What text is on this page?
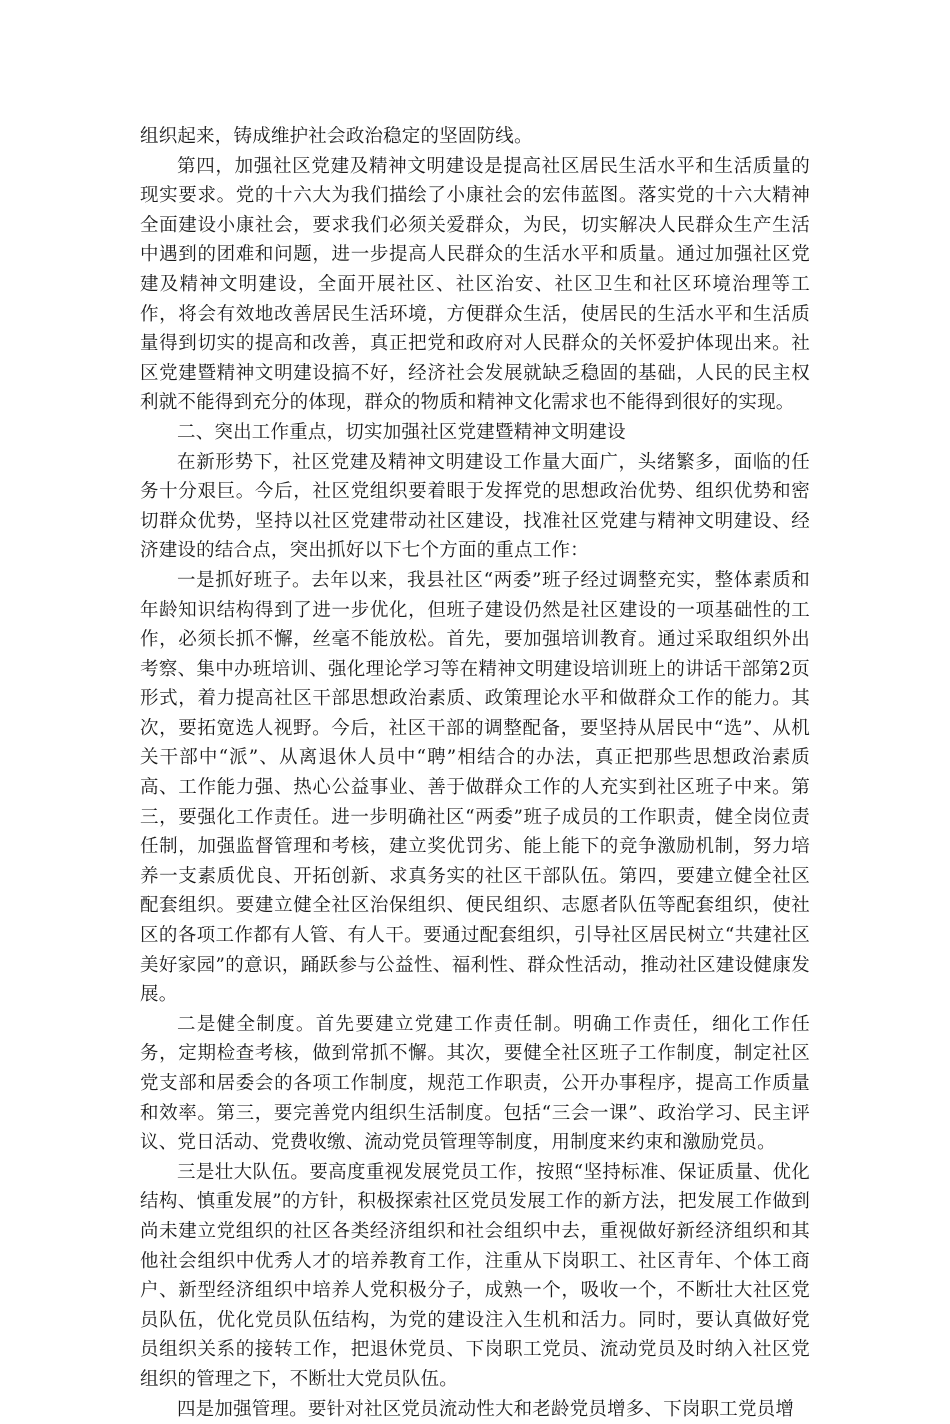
组织起来，铸成维护社会政治稳定的坚固防线。

第四，加强社区党建及精神文明建设是提高社区居民生活水平和生活质量的现实要求。党的十六大为我们描绘了小康社会的宏伟蓝图。落实党的十六大精神全面建设小康社会，要求我们必须关爱群众，为民，切实解决人民群众生产生活中遇到的团难和问题，进一步提高人民群众的生活水平和质量。通过加强社区党建及精神文明建设，全面开展社区、社区治安、社区卫生和社区环境治理等工作，将会有效地改善居民生活环境，方便群众生活，使居民的生活水平和生活质量得到切实的提高和改善，真正把党和政府对人民群众的关怀爱护体现出来。社区党建暨精神文明建设搞不好，经济社会发展就缺乏稳固的基础，人民的民主权利就不能得到充分的体现，群众的物质和精神文化需求也不能得到很好的实现。

二、突出工作重点，切实加强社区党建暨精神文明建设

在新形势下，社区党建及精神文明建设工作量大面广，头绪繁多，面临的任务十分艰巨。今后，社区党组织要着眼于发挥党的思想政治优势、组织优势和密切群众优势，坚持以社区党建带动社区建设，找准社区党建与精神文明建设、经济建设的结合点，突出抓好以下七个方面的重点工作：

一是抓好班子。去年以来，我县社区“两委”班子经过调整充实，整体素质和年龄知识结构得到了进一步优化，但班子建设仍然是社区建设的一项基础性的工作，必须长抓不懈，丝毫不能放松。首先，要加强培训教育。通过采取组织外出考察、集中办班培训、强化理论学习等在精神文明建设培训班上的讲话干部第2页形式，着力提高社区干部思想政治素质、政策理论水平和做群众工作的能力。其次，要拓宽选人视野。今后，社区干部的调整配备，要坚持从居民中“选”、从机关干部中“派”、从离退休人员中“聘”相结合的办法，真正把那些思想政治素质高、工作能力强、热心公益事业、善于做群众工作的人充实到社区班子中来。第三，要强化工作责任。进一步明确社区“两委”班子成员的工作职责，健全岗位责任制，加强监督管理和考核，建立奖优罚劣、能上能下的竞争激励机制，努力培养一支素质优良、开拓创新、求真务实的社区干部队伍。第四，要建立健全社区配套组织。要建立健全社区治保组织、便民组织、志愿者队伍等配套组织，使社区的各项工作都有人管、有人干。要通过配套组织，引导社区居民树立“共建社区美好家园”的意识，踊跃参与公益性、福利性、群众性活动，推动社区建设健康发展。

二是健全制度。首先要建立党建工作责任制。明确工作责任，细化工作任务，定期检查考核，做到常抓不懈。其次，要健全社区班子工作制度，制定社区党支部和居委会的各项工作制度，规范工作职责，公开办事程序，提高工作质量和效率。第三，要完善党内组织生活制度。包括“三会一课”、政治学习、民主评议、党日活动、党费收缴、流动党员管理等制度，用制度来约束和激励党员。

三是壮大队伍。要高度重视发展党员工作，按照“坚持标准、保证质量、优化结构、慎重发展”的方针，积极探索社区党员发展工作的新方法，把发展工作做到尚未建立党组织的社区各类经济组织和社会组织中去，重视做好新经济组织和其他社会组织中优秀人才的培养教育工作，注重从下岗职工、社区青年、个体工商户、新型经济组织中培养人党积极分子，成熟一个，吸收一个，不断壮大社区党员队伍，优化党员队伍结构，为党的建设注入生机和活力。同时，要认真做好党员组织关系的接转工作，把退休党员、下岗职工党员、流动党员及时纳入社区党组织的管理之下，不断壮大党员队伍。

四是加强管理。要针对社区党员流动性大和老龄党员增多、下岗职工党员增
